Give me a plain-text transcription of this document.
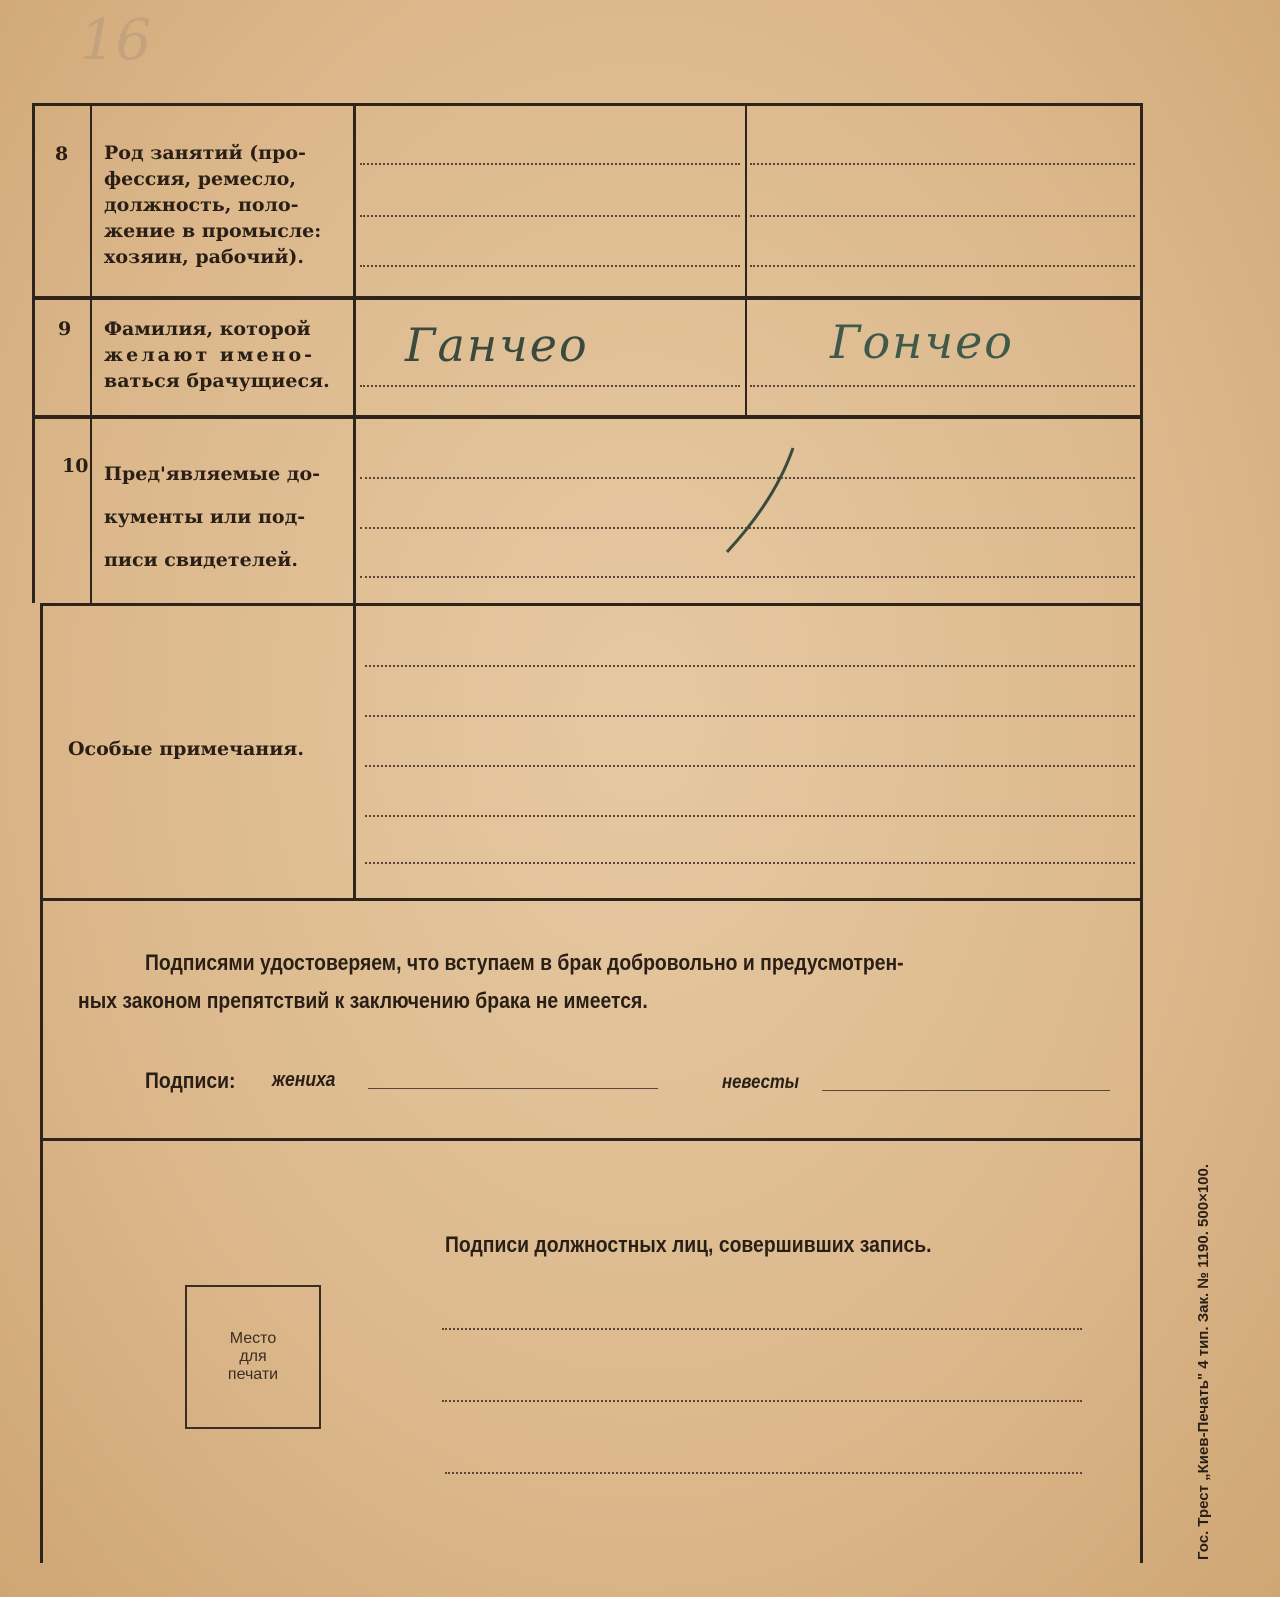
16
8 Род занятий (про-
фессия, ремесло,
должность, поло-
жение в промысле:
хозяин, рабочий).
9 Фамилия, которой
желают имено-
ваться брачущиеся.
Ганчео	Гончео
10 Пред'являемые до-
кументы или под-
писи свидетелей.
Особые примечания.
Подписями удостоверяем, что вступаем в брак добровольно и предусмотрен-
ных законом препятствий к заключению брака не имеется.
Подписи: жениха	невесты
Подписи должностных лиц, совершивших запись.
Место
для
печати	Гос. Трест „Киев-Печать" 4 тип. Зак. № 1190. 500×100.
